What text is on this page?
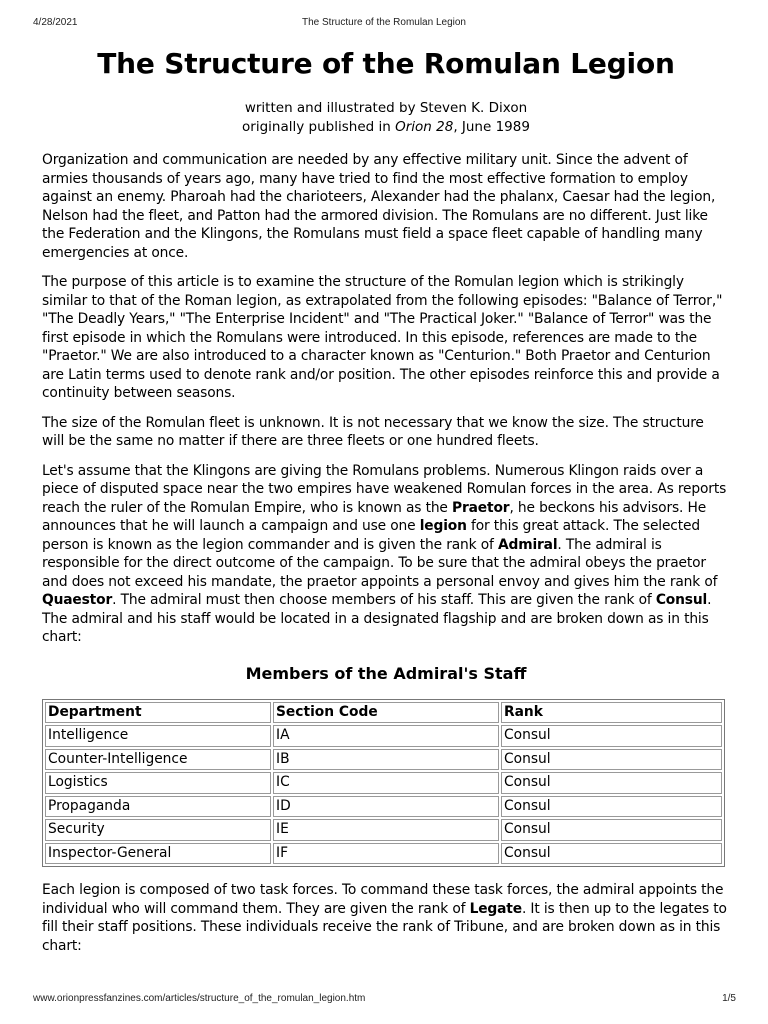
4/28/2021	The Structure of the Romulan Legion
The Structure of the Romulan Legion
written and illustrated by Steven K. Dixon
originally published in Orion 28, June 1989

Organization and communication are needed by any effective military unit. Since the advent of armies thousands of years ago, many have tried to find the most effective formation to employ against an enemy. Pharoah had the charioteers, Alexander had the phalanx, Caesar had the legion, Nelson had the fleet, and Patton had the armored division. The Romulans are no different. Just like the Federation and the Klingons, the Romulans must field a space fleet capable of handling many emergencies at once.

The purpose of this article is to examine the structure of the Romulan legion which is strikingly similar to that of the Roman legion, as extrapolated from the following episodes: "Balance of Terror," "The Deadly Years," "The Enterprise Incident" and "The Practical Joker." "Balance of Terror" was the first episode in which the Romulans were introduced. In this episode, references are made to the "Praetor." We are also introduced to a character known as "Centurion." Both Praetor and Centurion are Latin terms used to denote rank and/or position. The other episodes reinforce this and provide a continuity between seasons.

The size of the Romulan fleet is unknown. It is not necessary that we know the size. The structure will be the same no matter if there are three fleets or one hundred fleets.

Let's assume that the Klingons are giving the Romulans problems. Numerous Klingon raids over a piece of disputed space near the two empires have weakened Romulan forces in the area. As reports reach the ruler of the Romulan Empire, who is known as the Praetor, he beckons his advisors. He announces that he will launch a campaign and use one legion for this great attack. The selected person is known as the legion commander and is given the rank of Admiral. The admiral is responsible for the direct outcome of the campaign. To be sure that the admiral obeys the praetor and does not exceed his mandate, the praetor appoints a personal envoy and gives him the rank of Quaestor. The admiral must then choose members of his staff. This are given the rank of Consul. The admiral and his staff would be located in a designated flagship and are broken down as in this chart:

Members of the Admiral's Staff
Department	Section Code	Rank
Intelligence	IA	Consul
Counter-Intelligence	IB	Consul
Logistics	IC	Consul
Propaganda	ID	Consul
Security	IE	Consul
Inspector-General	IF	Consul

Each legion is composed of two task forces. To command these task forces, the admiral appoints the individual who will command them. They are given the rank of Legate. It is then up to the legates to fill their staff positions. These individuals receive the rank of Tribune, and are broken down as in this chart:

www.orionpressfanzines.com/articles/structure_of_the_romulan_legion.htm	1/5
